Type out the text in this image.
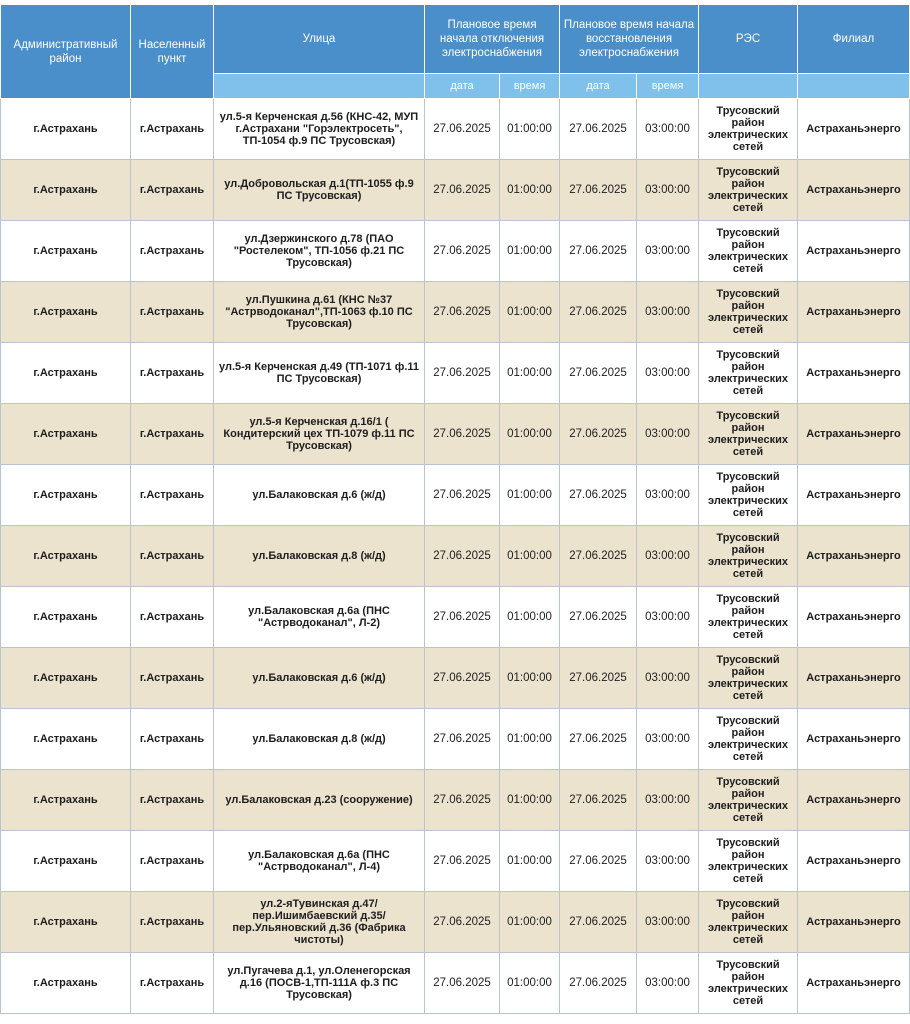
Административный район	Населенный пункт	Улица	Плановое время начала отключения электроснабжения		Плановое время начала восстановления электроснабжения		РЭС	Филиал
			дата	время	дата	время		
г.Астрахань	г.Астрахань	ул.5-я Керченская д.56 (КНС-42, МУП г.Астрахани "Горэлектросеть", ТП-1054 ф.9 ПС Трусовская)	27.06.2025	01:00:00	27.06.2025	03:00:00	Трусовский район электрических сетей	Астраханьэнерго
г.Астрахань	г.Астрахань	ул.Добровольская д.1(ТП-1055 ф.9 ПС Трусовская)	27.06.2025	01:00:00	27.06.2025	03:00:00	Трусовский район электрических сетей	Астраханьэнерго
г.Астрахань	г.Астрахань	ул.Дзержинского д.78 (ПАО "Ростелеком", ТП-1056 ф.21 ПС Трусовская)	27.06.2025	01:00:00	27.06.2025	03:00:00	Трусовский район электрических сетей	Астраханьэнерго
г.Астрахань	г.Астрахань	ул.Пушкина д.61 (КНС №37 "Астрводоканал",ТП-1063 ф.10 ПС Трусовская)	27.06.2025	01:00:00	27.06.2025	03:00:00	Трусовский район электрических сетей	Астраханьэнерго
г.Астрахань	г.Астрахань	ул.5-я Керченская д.49 (ТП-1071 ф.11 ПС Трусовская)	27.06.2025	01:00:00	27.06.2025	03:00:00	Трусовский район электрических сетей	Астраханьэнерго
г.Астрахань	г.Астрахань	ул.5-я Керченская д.16/1 ( Кондитерский цех ТП-1079 ф.11 ПС Трусовская)	27.06.2025	01:00:00	27.06.2025	03:00:00	Трусовский район электрических сетей	Астраханьэнерго
г.Астрахань	г.Астрахань	ул.Балаковская д.6 (ж/д)	27.06.2025	01:00:00	27.06.2025	03:00:00	Трусовский район электрических сетей	Астраханьэнерго
г.Астрахань	г.Астрахань	ул.Балаковская д.8 (ж/д)	27.06.2025	01:00:00	27.06.2025	03:00:00	Трусовский район электрических сетей	Астраханьэнерго
г.Астрахань	г.Астрахань	ул.Балаковская д.6а (ПНС "Астрводоканал", Л-2)	27.06.2025	01:00:00	27.06.2025	03:00:00	Трусовский район электрических сетей	Астраханьэнерго
г.Астрахань	г.Астрахань	ул.Балаковская д.6 (ж/д)	27.06.2025	01:00:00	27.06.2025	03:00:00	Трусовский район электрических сетей	Астраханьэнерго
г.Астрахань	г.Астрахань	ул.Балаковская д.8 (ж/д)	27.06.2025	01:00:00	27.06.2025	03:00:00	Трусовский район электрических сетей	Астраханьэнерго
г.Астрахань	г.Астрахань	ул.Балаковская д.23 (сооружение)	27.06.2025	01:00:00	27.06.2025	03:00:00	Трусовский район электрических сетей	Астраханьэнерго
г.Астрахань	г.Астрахань	ул.Балаковская д.6а (ПНС "Астрводоканал", Л-4)	27.06.2025	01:00:00	27.06.2025	03:00:00	Трусовский район электрических сетей	Астраханьэнерго
г.Астрахань	г.Астрахань	ул.2-яТувинская д.47/ пер.Ишимбаевский д.35/ пер.Ульяновский д.36 (Фабрика чистоты)	27.06.2025	01:00:00	27.06.2025	03:00:00	Трусовский район электрических сетей	Астраханьэнерго
г.Астрахань	г.Астрахань	ул.Пугачева д.1, ул.Оленегорская д.16 (ПОСВ-1,ТП-111А ф.3 ПС Трусовская)	27.06.2025	01:00:00	27.06.2025	03:00:00	Трусовский район электрических сетей	Астраханьэнерго
